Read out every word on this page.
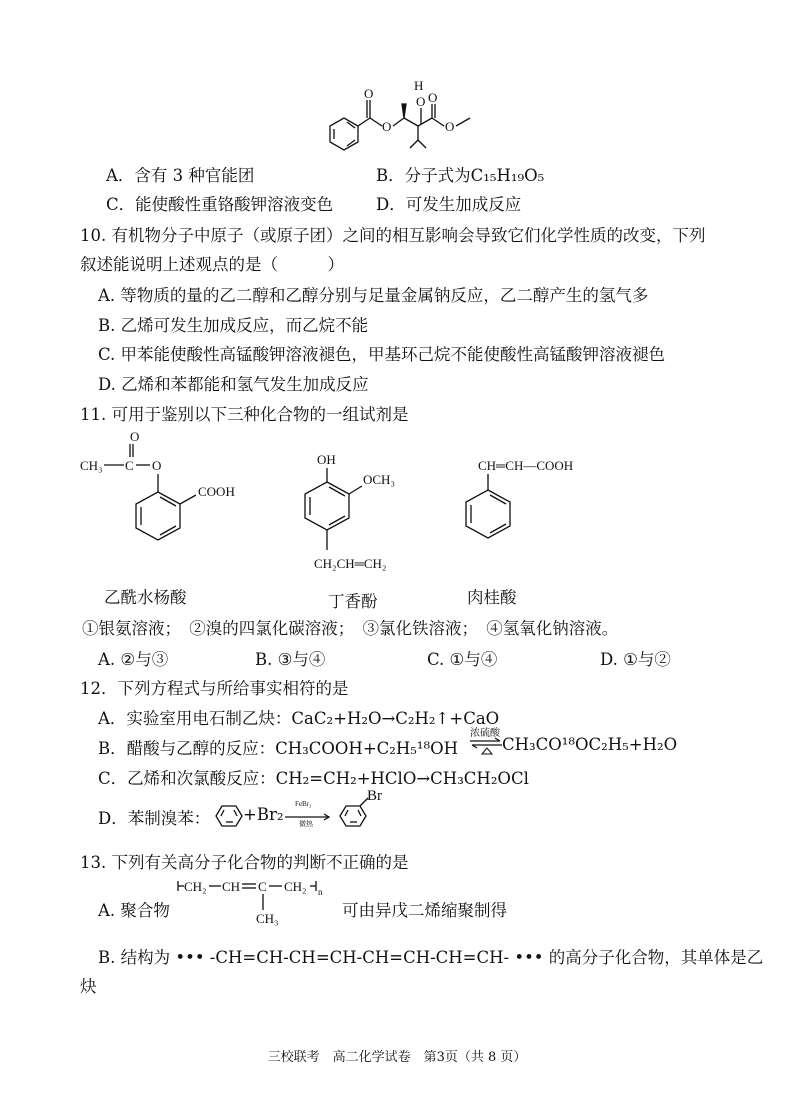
O
O
H
O O
O
A．含有 3 种官能团	B．分子式为C₁₅H₁₉O₅
C．能使酸性重铬酸钾溶液变色	D．可发生加成反应
10. 有机物分子中原子（或原子团）之间的相互影响会导致它们化学性质的改变，下列
叙述能说明上述观点的是（　　　）
A. 等物质的量的乙二醇和乙醇分别与足量金属钠反应，乙二醇产生的氢气多
B. 乙烯可发生加成反应，而乙烷不能
C. 甲苯能使酸性高锰酸钾溶液褪色，甲基环己烷不能使酸性高锰酸钾溶液褪色
D. 乙烯和苯都能和氢气发生加成反应
11. 可用于鉴别以下三种化合物的一组试剂是
O
CH₃ C O
COOH
乙酰水杨酸
OH
OCH₃
CH₂CH═CH₂
丁香酚
CH═CH—COOH
肉桂酸
①银氨溶液；　②溴的四氯化碳溶液；　③氯化铁溶液；　④氢氧化钠溶液。
A. ②与③	B. ③与④	C. ①与④	D. ①与②
12．下列方程式与所给事实相符的是
A．实验室用电石制乙炔：CaC₂+H₂O→C₂H₂↑+CaO
B．醋酸与乙醇的反应：CH₃COOH+C₂H₅¹⁸OH
浓硫酸
CH₃CO¹⁸OC₂H₅+H₂O
C．乙烯和次氯酸反应：CH₂=CH₂+HClO→CH₃CH₂OCl
D．苯制溴苯： +Br₂
FeBr₃
微热
Br
13. 下列有关高分子化合物的判断不正确的是
A. 聚合物
CH₂ CH C CH₂ n
CH₃	可由异戊二烯缩聚制得
B. 结构为 ••• -CH=CH-CH=CH-CH=CH-CH=CH- ••• 的高分子化合物，其单体是乙
炔
三校联考　高二化学试卷　第3页（共 8 页）
